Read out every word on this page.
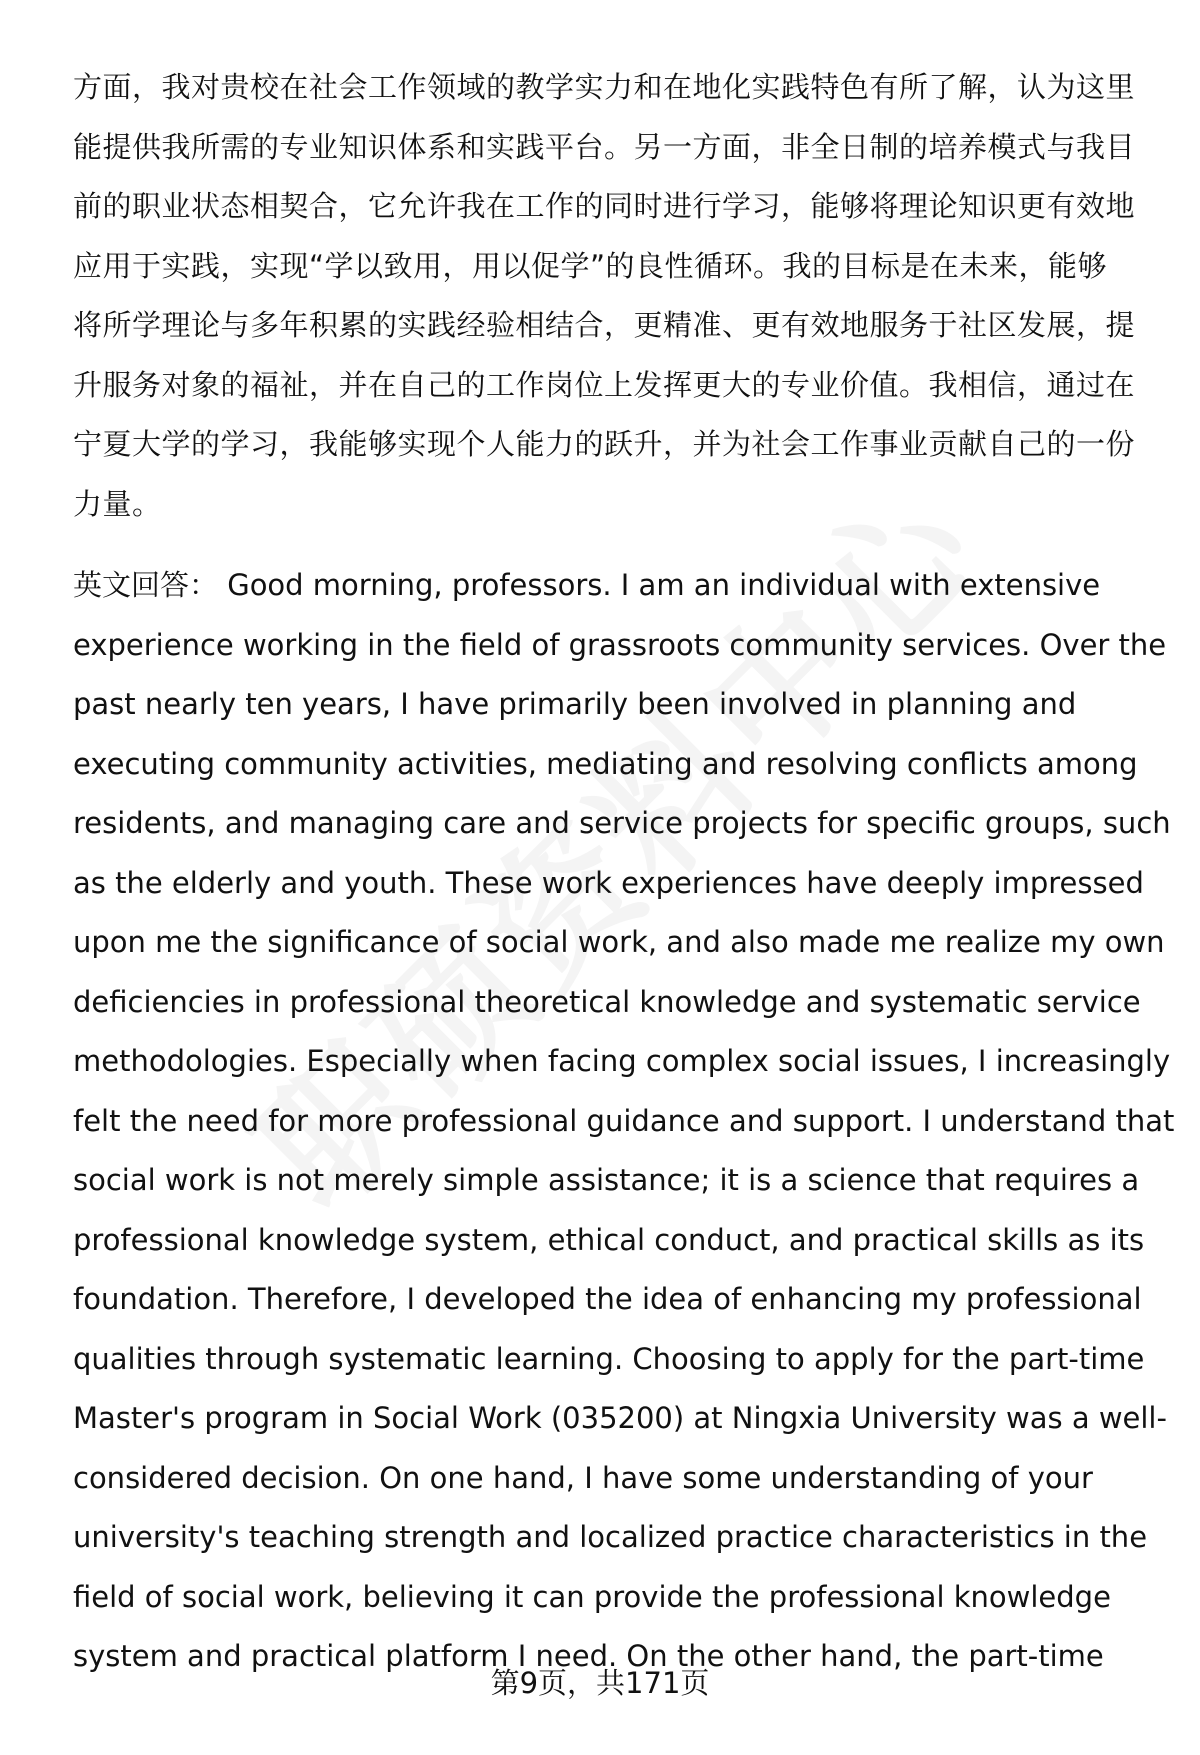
方面，我对贵校在社会工作领域的教学实力和在地化实践特色有所了解，认为这里
能提供我所需的专业知识体系和实践平台。另一方面，非全日制的培养模式与我目
前的职业状态相契合，它允许我在工作的同时进行学习，能够将理论知识更有效地
应用于实践，实现“学以致用，用以促学”的良性循环。我的目标是在未来，能够
将所学理论与多年积累的实践经验相结合，更精准、更有效地服务于社区发展，提
升服务对象的福祉，并在自己的工作岗位上发挥更大的专业价值。我相信，通过在
宁夏大学的学习，我能够实现个人能力的跃升，并为社会工作事业贡献自己的一份
力量。
英文回答： Good morning, professors. I am an individual with extensive
experience working in the field of grassroots community services. Over the
past nearly ten years, I have primarily been involved in planning and
executing community activities, mediating and resolving conflicts among
residents, and managing care and service projects for specific groups, such
as the elderly and youth. These work experiences have deeply impressed
upon me the significance of social work, and also made me realize my own
deficiencies in professional theoretical knowledge and systematic service
methodologies. Especially when facing complex social issues, I increasingly
felt the need for more professional guidance and support. I understand that
social work is not merely simple assistance; it is a science that requires a
professional knowledge system, ethical conduct, and practical skills as its
foundation. Therefore, I developed the idea of enhancing my professional
qualities through systematic learning. Choosing to apply for the part-time
Master's program in Social Work (035200) at Ningxia University was a well-
considered decision. On one hand, I have some understanding of your
university's teaching strength and localized practice characteristics in the
field of social work, believing it can provide the professional knowledge
system and practical platform I need. On the other hand, the part-time
第9页，共171页
